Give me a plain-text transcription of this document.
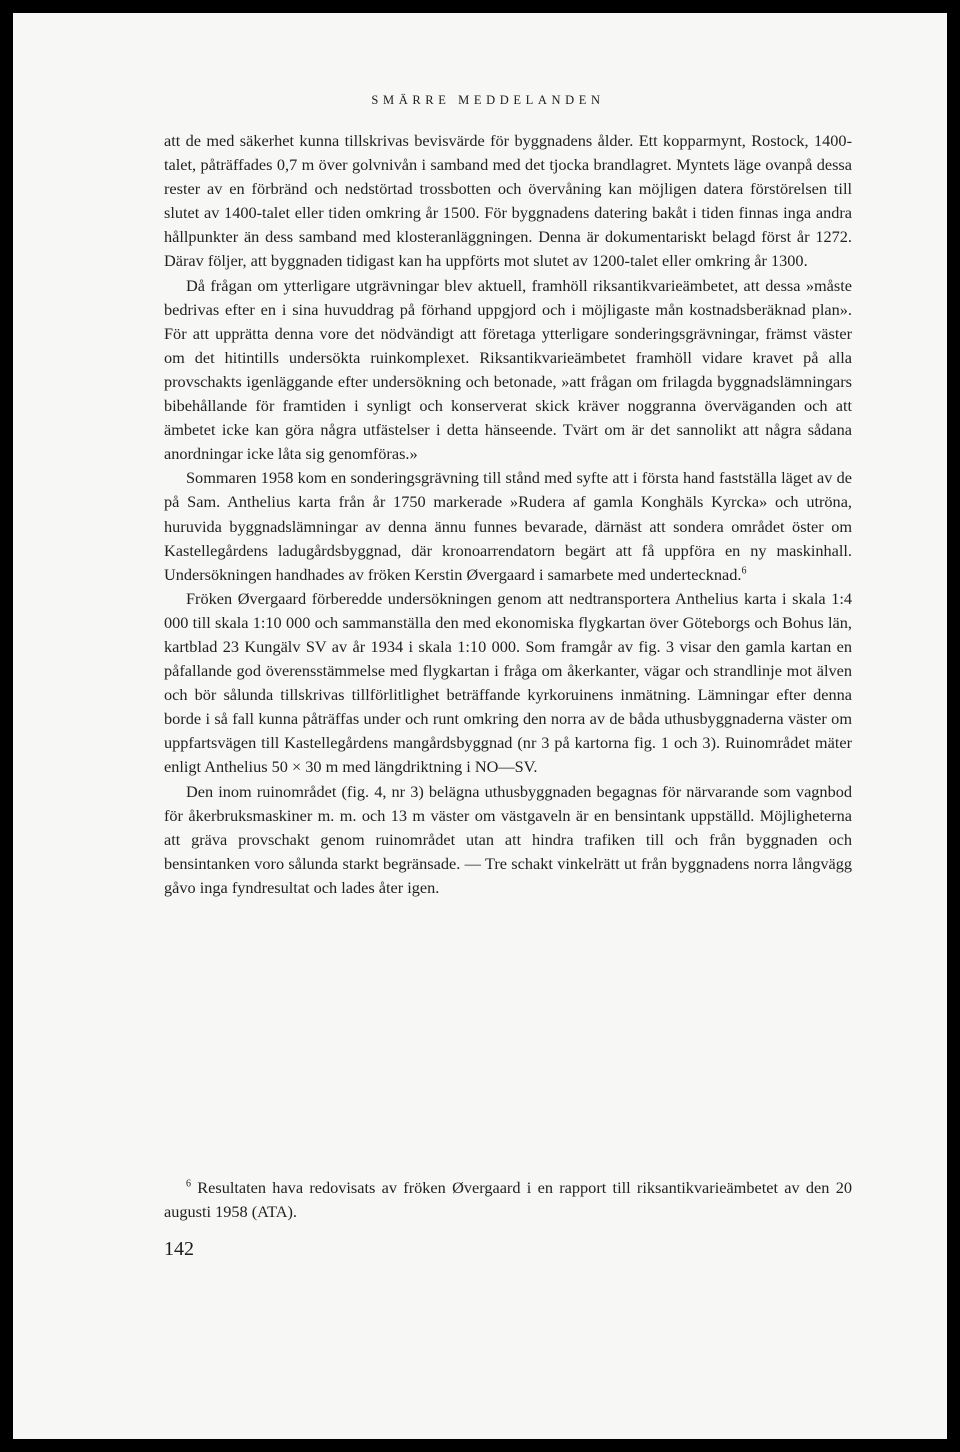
SMÄRRE MEDDELANDEN

att de med säkerhet kunna tillskrivas bevisvärde för byggnadens ålder. Ett kopparmynt, Rostock, 1400-talet, påträffades 0,7 m över golvnivån i samband med det tjocka brandlagret. Myntets läge ovanpå dessa rester av en förbränd och nedstörtad trossbotten och övervåning kan möjligen datera förstörelsen till slutet av 1400-talet eller tiden omkring år 1500. För byggnadens datering bakåt i tiden finnas inga andra hållpunkter än dess samband med klosteranläggningen. Denna är dokumentariskt belagd först år 1272. Därav följer, att byggnaden tidigast kan ha uppförts mot slutet av 1200-talet eller omkring år 1300.

Då frågan om ytterligare utgrävningar blev aktuell, framhöll riksantikvarieämbetet, att dessa »måste bedrivas efter en i sina huvuddrag på förhand uppgjord och i möjligaste mån kostnadsberäknad plan». För att upprätta denna vore det nödvändigt att företaga ytterligare sonderingsgrävningar, främst väster om det hitintills undersökta ruinkomplexet. Riksantikvarieämbetet framhöll vidare kravet på alla provschakts igenläggande efter undersökning och betonade, »att frågan om frilagda byggnadslämningars bibehållande för framtiden i synligt och konserverat skick kräver noggranna överväganden och att ämbetet icke kan göra några utfästelser i detta hänseende. Tvärt om är det sannolikt att några sådana anordningar icke låta sig genomföras.»

Sommaren 1958 kom en sonderingsgrävning till stånd med syfte att i första hand fastställa läget av de på Sam. Anthelius karta från år 1750 markerade »Rudera af gamla Konghäls Kyrcka» och utröna, huruvida byggnadslämningar av denna ännu funnes bevarade, därnäst att sondera området öster om Kastellegårdens ladugårdsbyggnad, där kronoarrendatorn begärt att få uppföra en ny maskinhall. Undersökningen handhades av fröken Kerstin Øvergaard i samarbete med undertecknad.$^6$

Fröken Øvergaard förberedde undersökningen genom att nedtransportera Anthelius karta i skala 1:4 000 till skala 1:10 000 och sammanställa den med ekonomiska flygkartan över Göteborgs och Bohus län, kartblad 23 Kungälv SV av år 1934 i skala 1:10 000. Som framgår av fig. 3 visar den gamla kartan en påfallande god överensstämmelse med flygkartan i fråga om åkerkanter, vägar och strandlinje mot älven och bör sålunda tillskrivas tillförlitlighet beträffande kyrkoruinens inmätning. Lämningar efter denna borde i så fall kunna påträffas under och runt omkring den norra av de båda uthusbyggnaderna väster om uppfartsvägen till Kastellegårdens mangårdsbyggnad (nr 3 på kartorna fig. 1 och 3). Ruinområdet mäter enligt Anthelius 50 × 30 m med längdriktning i NO—SV.

Den inom ruinområdet (fig. 4, nr 3) belägna uthusbyggnaden begagnas för närvarande som vagnbod för åkerbruksmaskiner m. m. och 13 m väster om västgaveln är en bensintank uppställd. Möjligheterna att gräva provschakt genom ruinområdet utan att hindra trafiken till och från byggnaden och bensintanken voro sålunda starkt begränsade. — Tre schakt vinkelrätt ut från byggnadens norra långvägg gåvo inga fyndresultat och lades åter igen.

$^6$ Resultaten hava redovisats av fröken Øvergaard i en rapport till riksantikvarieämbetet av den 20 augusti 1958 (ATA).

142
